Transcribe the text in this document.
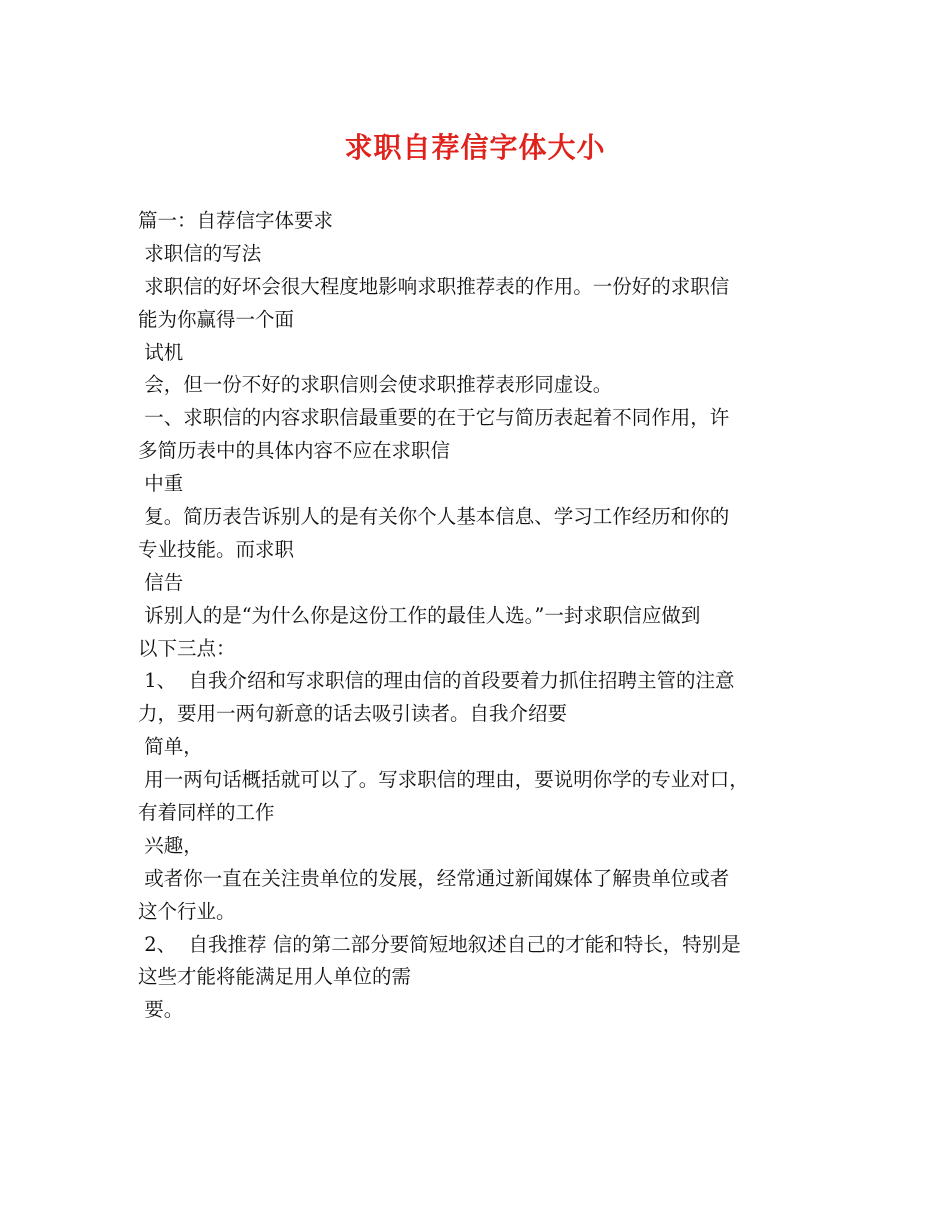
求职自荐信字体大小
篇一：自荐信字体要求
求职信的写法
求职信的好坏会很大程度地影响求职推荐表的作用。一份好的求职信
能为你赢得一个面
试机
会，但一份不好的求职信则会使求职推荐表形同虚设。
一、求职信的内容求职信最重要的在于它与简历表起着不同作用，许
多简历表中的具体内容不应在求职信
中重
复。简历表告诉别人的是有关你个人基本信息、学习工作经历和你的
专业技能。而求职
信告
诉别人的是“为什么你是这份工作的最佳人选。”一封求职信应做到
以下三点：
1、  自我介绍和写求职信的理由信的首段要着力抓住招聘主管的注意
力，要用一两句新意的话去吸引读者。自我介绍要
简单，
用一两句话概括就可以了。写求职信的理由，要说明你学的专业对口，
有着同样的工作
兴趣，
或者你一直在关注贵单位的发展，经常通过新闻媒体了解贵单位或者
这个行业。
2、  自我推荐 信的第二部分要简短地叙述自己的才能和特长，特别是
这些才能将能满足用人单位的需
要。
